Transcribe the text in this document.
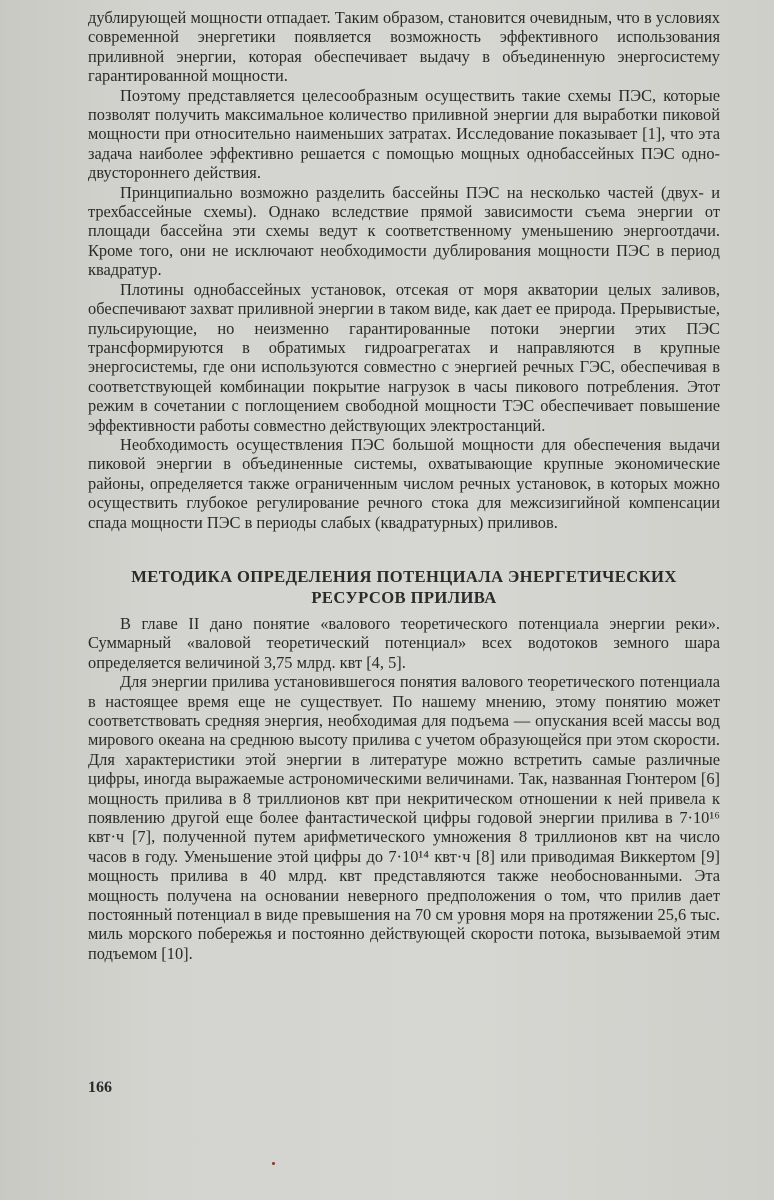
дублирующей мощности отпадает. Таким образом, становится очевидным, что в условиях современной энергетики появляется возможность эффективного использования приливной энергии, которая обеспечивает выдачу в объединенную энергосистему гарантированной мощности.

Поэтому представляется целесообразным осуществить такие схемы ПЭС, которые позволят получить максимальное количество приливной энергии для выработки пиковой мощности при относительно наименьших затратах. Исследование показывает [1], что эта задача наиболее эффективно решается с помощью мощных однобассейных ПЭС одно-двустороннего действия.

Принципиально возможно разделить бассейны ПЭС на несколько частей (двух- и трехбассейные схемы). Однако вследствие прямой зависимости съема энергии от площади бассейна эти схемы ведут к соответственному уменьшению энергоотдачи. Кроме того, они не исключают необходимости дублирования мощности ПЭС в период квадратур.

Плотины однобассейных установок, отсекая от моря акватории целых заливов, обеспечивают захват приливной энергии в таком виде, как дает ее природа. Прерывистые, пульсирующие, но неизменно гарантированные потоки энергии этих ПЭС трансформируются в обратимых гидроагрегатах и направляются в крупные энергосистемы, где они используются совместно с энергией речных ГЭС, обеспечивая в соответствующей комбинации покрытие нагрузок в часы пикового потребления. Этот режим в сочетании с поглощением свободной мощности ТЭС обеспечивает повышение эффективности работы совместно действующих электростанций.

Необходимость осуществления ПЭС большой мощности для обеспечения выдачи пиковой энергии в объединенные системы, охватывающие крупные экономические районы, определяется также ограниченным числом речных установок, в которых можно осуществить глубокое регулирование речного стока для межсизигийной компенсации спада мощности ПЭС в периоды слабых (квадратурных) приливов.

МЕТОДИКА ОПРЕДЕЛЕНИЯ ПОТЕНЦИАЛА ЭНЕРГЕТИЧЕСКИХ
РЕСУРСОВ ПРИЛИВА

В главе II дано понятие «валового теоретического потенциала энергии реки». Суммарный «валовой теоретический потенциал» всех водотоков земного шара определяется величиной 3,75 млрд. квт [4, 5].

Для энергии прилива установившегося понятия валового теоретического потенциала в настоящее время еще не существует. По нашему мнению, этому понятию может соответствовать средняя энергия, необходимая для подъема — опускания всей массы вод мирового океана на среднюю высоту прилива с учетом образующейся при этом скорости. Для характеристики этой энергии в литературе можно встретить самые различные цифры, иногда выражаемые астрономическими величинами. Так, названная Гюнтером [6] мощность прилива в 8 триллионов квт при некритическом отношении к ней привела к появлению другой еще более фантастической цифры годовой энергии прилива в 7·10¹⁶ квт·ч [7], полученной путем арифметического умножения 8 триллионов квт на число часов в году. Уменьшение этой цифры до 7·10¹⁴ квт·ч [8] или приводимая Виккертом [9] мощность прилива в 40 млрд. квт представляются также необоснованными. Эта мощность получена на основании неверного предположения о том, что прилив дает постоянный потенциал в виде превышения на 70 см уровня моря на протяжении 25,6 тыс. миль морского побережья и постоянно действующей скорости потока, вызываемой этим подъемом [10].

166
